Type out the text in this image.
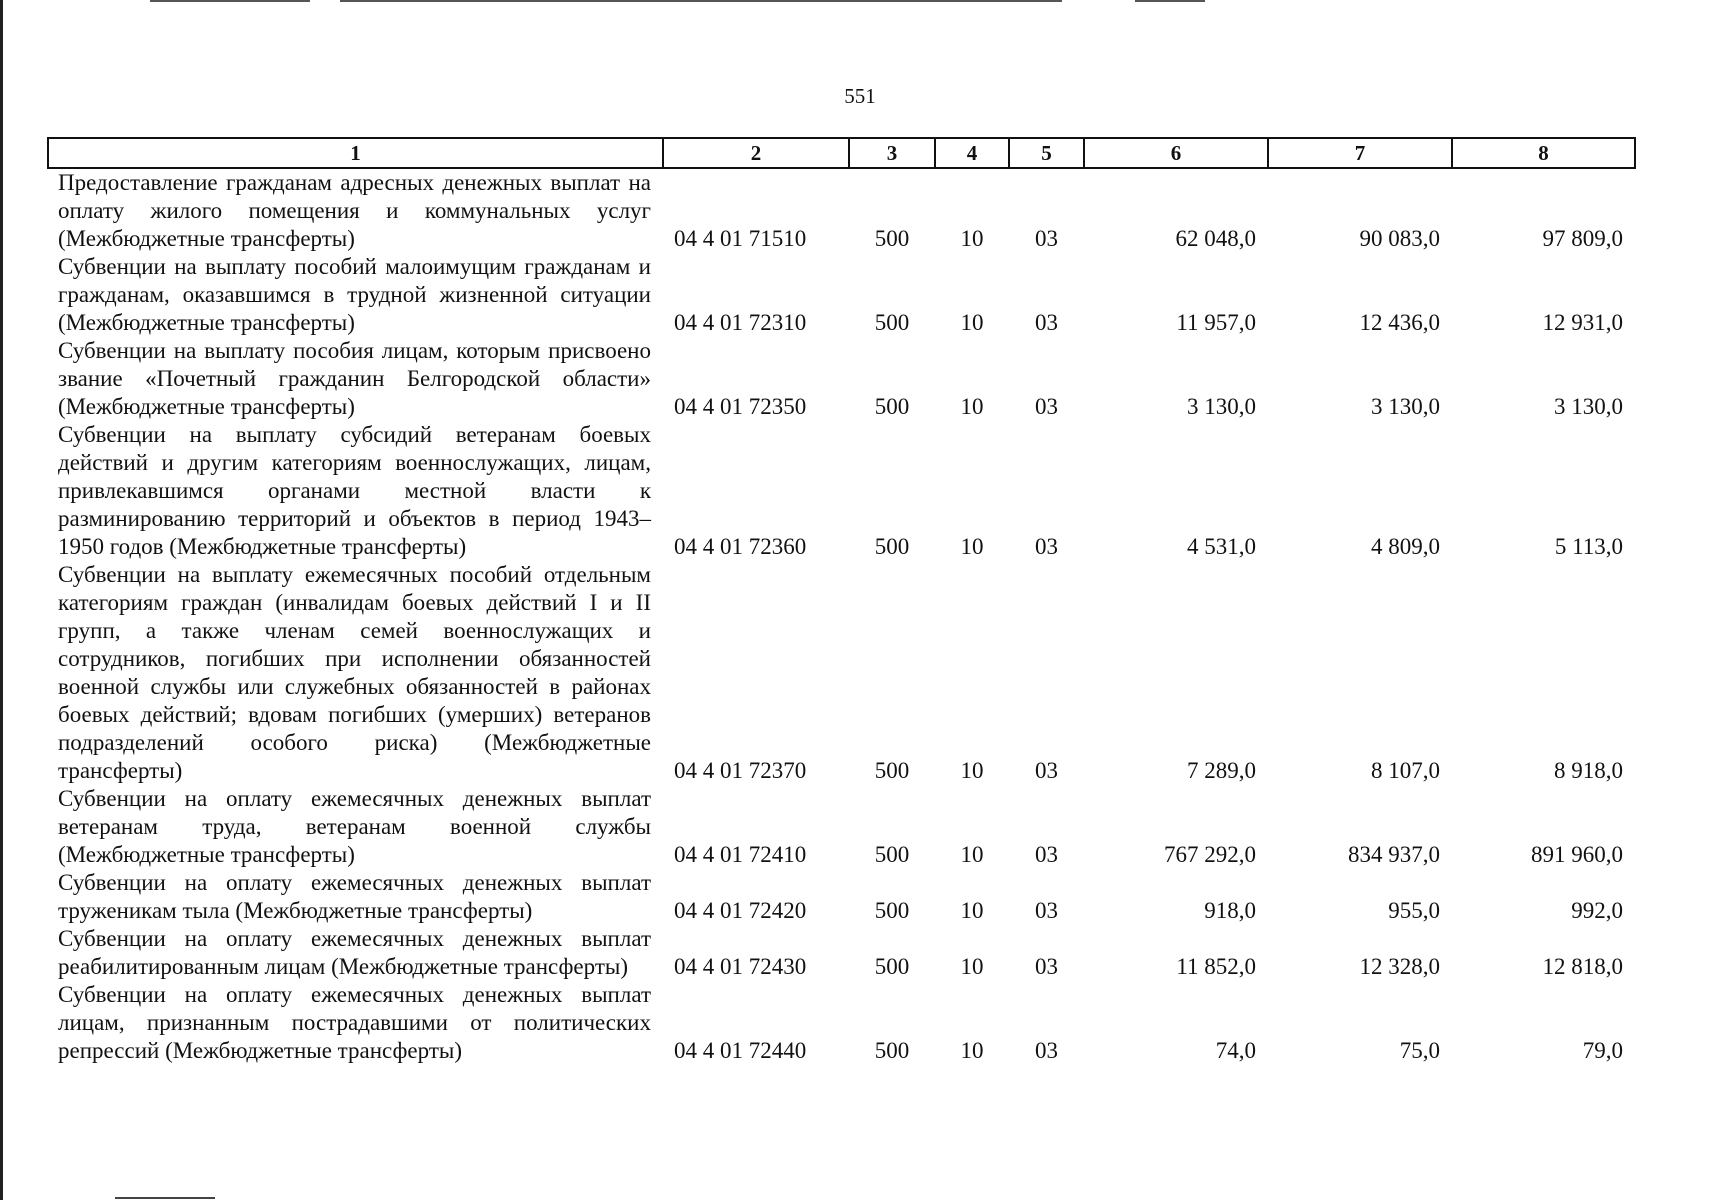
551
1	2	3	4	5	6	7	8
Предоставление гражданам адресных денежных выплат на оплату жилого помещения и коммунальных услуг (Межбюджетные трансферты)	04 4 01 71510	500	10	03	62 048,0	90 083,0	97 809,0
Субвенции на выплату пособий малоимущим гражданам и гражданам, оказавшимся в трудной жизненной ситуации (Межбюджетные трансферты)	04 4 01 72310	500	10	03	11 957,0	12 436,0	12 931,0
Субвенции на выплату пособия лицам, которым присвоено звание «Почетный гражданин Белгородской области» (Межбюджетные трансферты)	04 4 01 72350	500	10	03	3 130,0	3 130,0	3 130,0
Субвенции на выплату субсидий ветеранам боевых действий и другим категориям военнослужащих, лицам, привлекавшимся органами местной власти к разминированию территорий и объектов в период 1943–1950 годов (Межбюджетные трансферты)	04 4 01 72360	500	10	03	4 531,0	4 809,0	5 113,0
Субвенции на выплату ежемесячных пособий отдельным категориям граждан (инвалидам боевых действий I и II групп, а также членам семей военнослужащих и сотрудников, погибших при исполнении обязанностей военной службы или служебных обязанностей в районах боевых действий; вдовам погибших (умерших) ветеранов подразделений особого риска) (Межбюджетные трансферты)	04 4 01 72370	500	10	03	7 289,0	8 107,0	8 918,0
Субвенции на оплату ежемесячных денежных выплат ветеранам труда, ветеранам военной службы (Межбюджетные трансферты)	04 4 01 72410	500	10	03	767 292,0	834 937,0	891 960,0
Субвенции на оплату ежемесячных денежных выплат труженикам тыла (Межбюджетные трансферты)	04 4 01 72420	500	10	03	918,0	955,0	992,0
Субвенции на оплату ежемесячных денежных выплат реабилитированным лицам (Межбюджетные трансферты)	04 4 01 72430	500	10	03	11 852,0	12 328,0	12 818,0
Субвенции на оплату ежемесячных денежных выплат лицам, признанным пострадавшими от политических репрессий (Межбюджетные трансферты)	04 4 01 72440	500	10	03	74,0	75,0	79,0
